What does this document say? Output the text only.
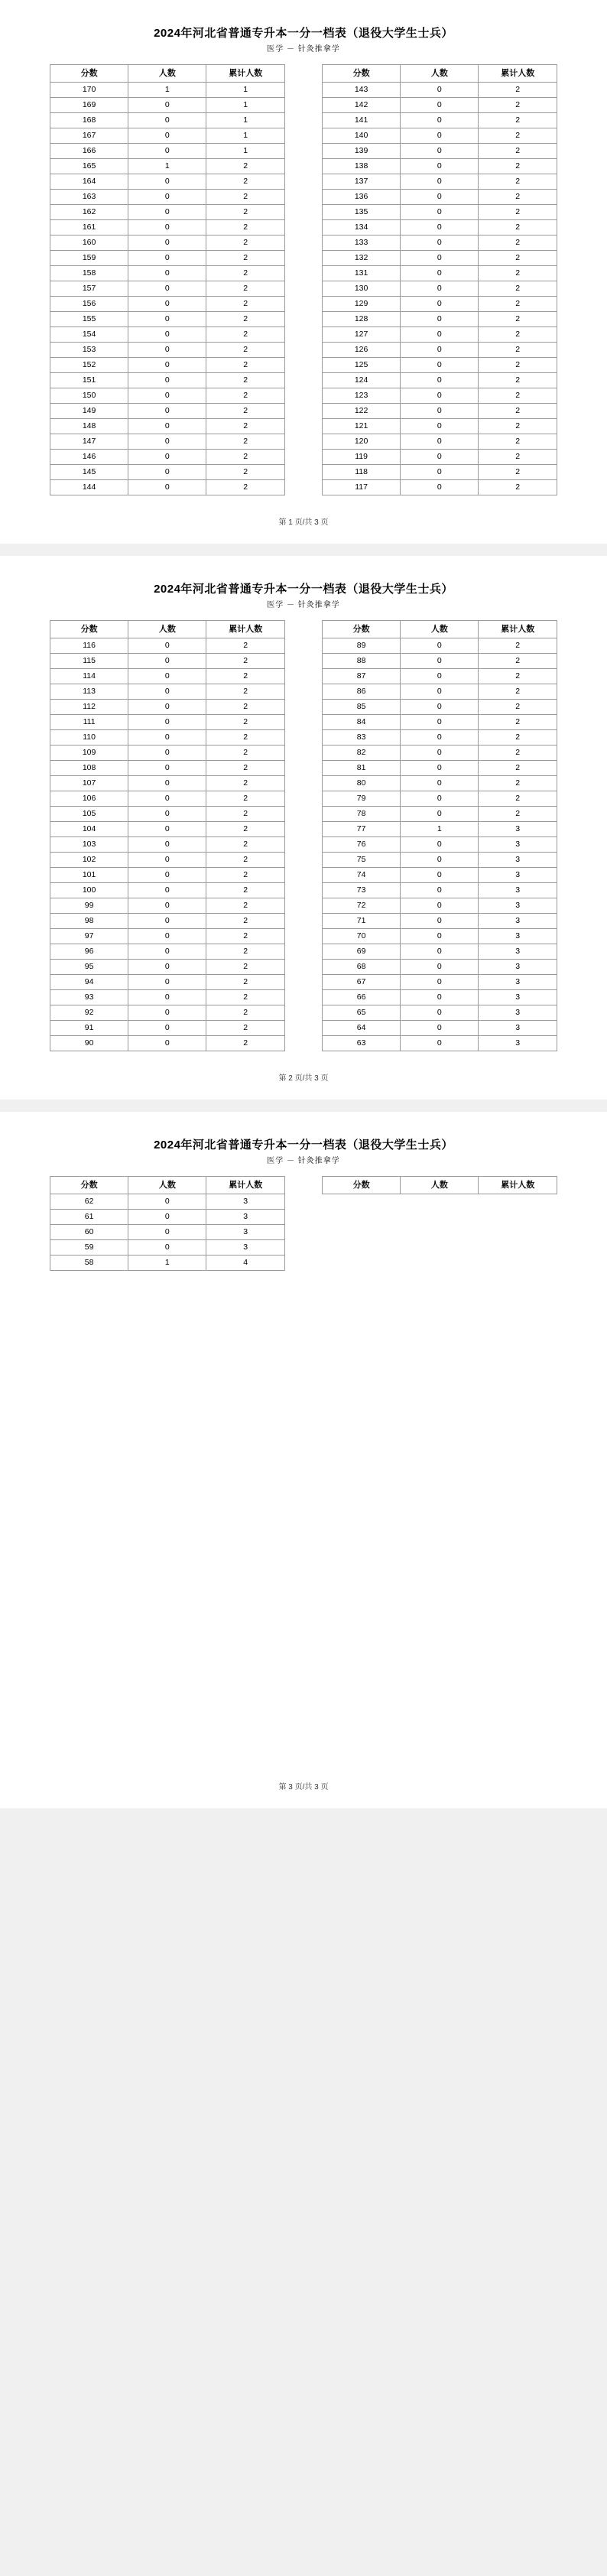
2024年河北省普通专升本一分一档表（退役大学生士兵）
医学 － 针灸推拿学
分数	人数	累计人数
170	1	1
169	0	1
168	0	1
167	0	1
166	0	1
165	1	2
164	0	2
163	0	2
162	0	2
161	0	2
160	0	2
159	0	2
158	0	2
157	0	2
156	0	2
155	0	2
154	0	2
153	0	2
152	0	2
151	0	2
150	0	2
149	0	2
148	0	2
147	0	2
146	0	2
145	0	2
144	0	2
分数	人数	累计人数
143	0	2
142	0	2
141	0	2
140	0	2
139	0	2
138	0	2
137	0	2
136	0	2
135	0	2
134	0	2
133	0	2
132	0	2
131	0	2
130	0	2
129	0	2
128	0	2
127	0	2
126	0	2
125	0	2
124	0	2
123	0	2
122	0	2
121	0	2
120	0	2
119	0	2
118	0	2
117	0	2
第 1 页/共 3 页
2024年河北省普通专升本一分一档表（退役大学生士兵）
医学 － 针灸推拿学
分数	人数	累计人数
116	0	2
115	0	2
114	0	2
113	0	2
112	0	2
111	0	2
110	0	2
109	0	2
108	0	2
107	0	2
106	0	2
105	0	2
104	0	2
103	0	2
102	0	2
101	0	2
100	0	2
99	0	2
98	0	2
97	0	2
96	0	2
95	0	2
94	0	2
93	0	2
92	0	2
91	0	2
90	0	2
分数	人数	累计人数
89	0	2
88	0	2
87	0	2
86	0	2
85	0	2
84	0	2
83	0	2
82	0	2
81	0	2
80	0	2
79	0	2
78	0	2
77	1	3
76	0	3
75	0	3
74	0	3
73	0	3
72	0	3
71	0	3
70	0	3
69	0	3
68	0	3
67	0	3
66	0	3
65	0	3
64	0	3
63	0	3
第 2 页/共 3 页
2024年河北省普通专升本一分一档表（退役大学生士兵）
医学 － 针灸推拿学
分数	人数	累计人数
62	0	3
61	0	3
60	0	3
59	0	3
58	1	4
分数	人数	累计人数
第 3 页/共 3 页
